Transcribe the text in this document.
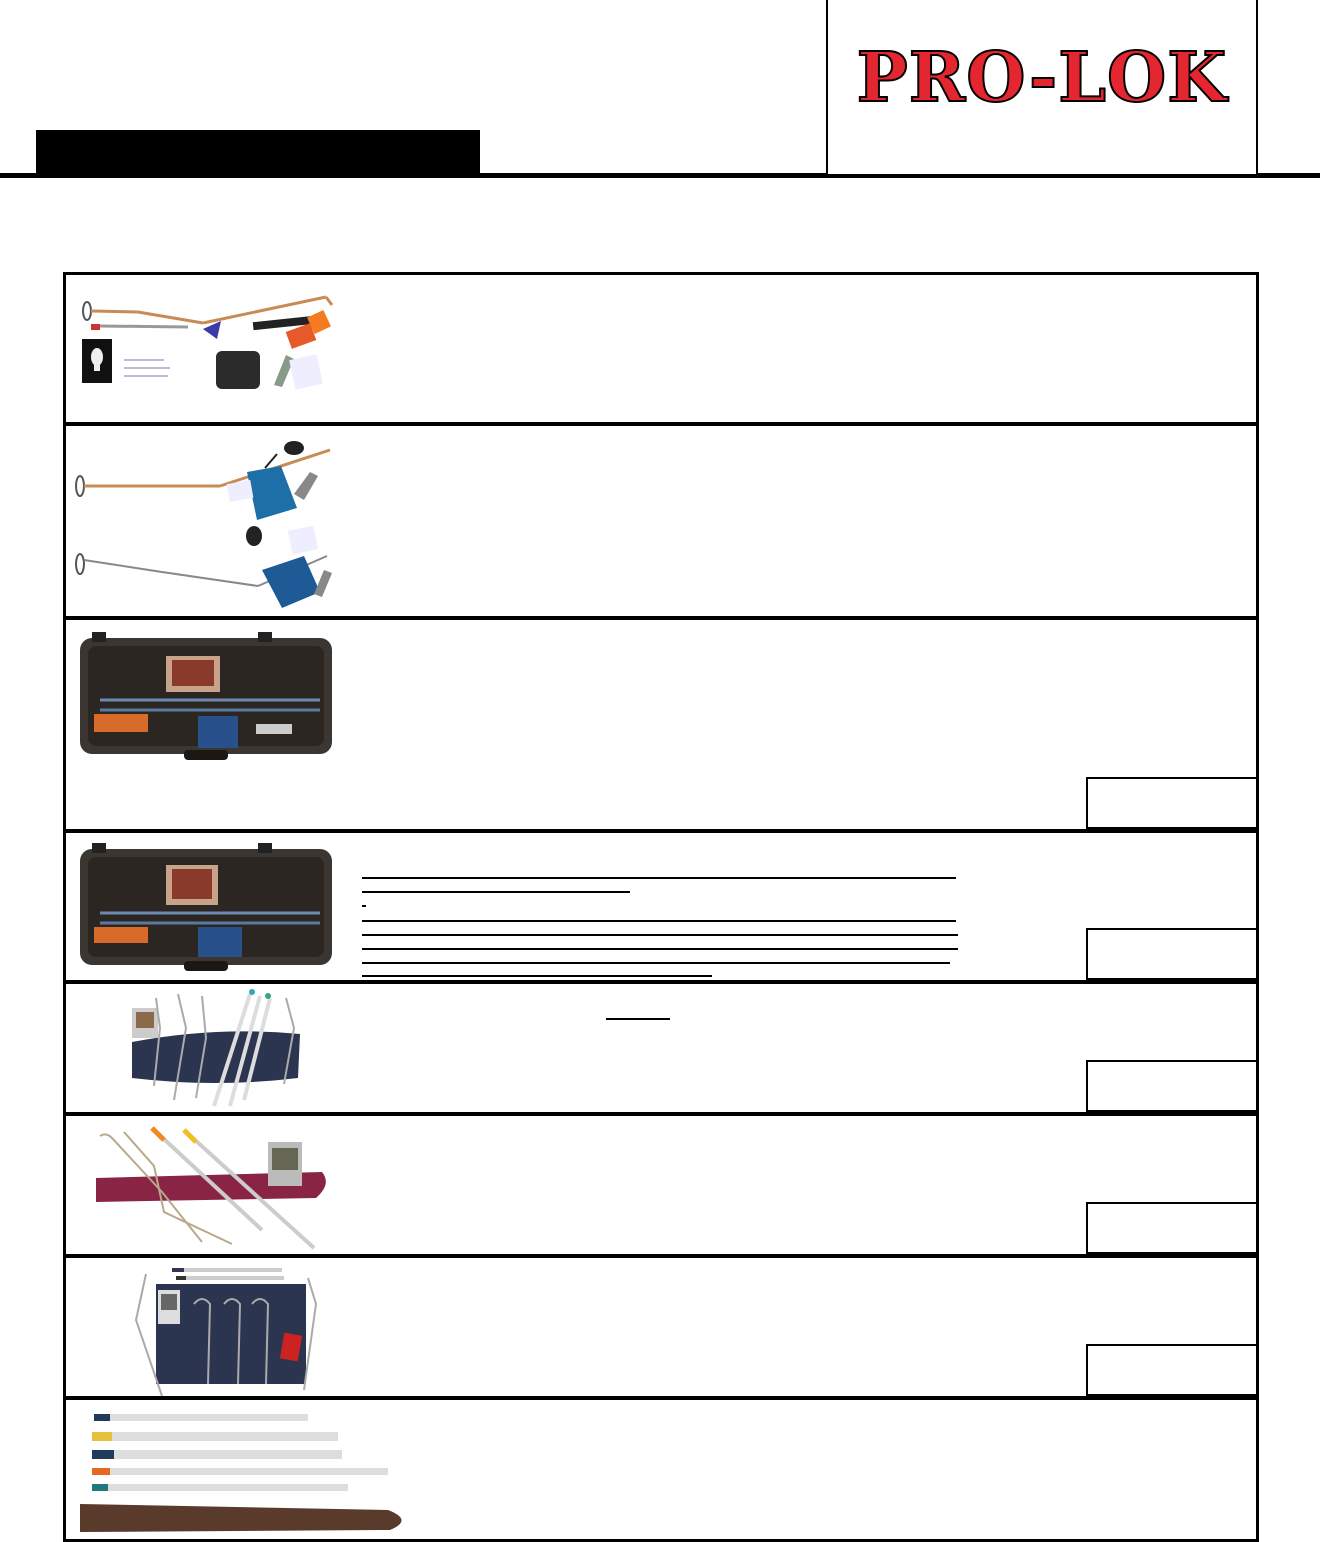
PRO-LOK
